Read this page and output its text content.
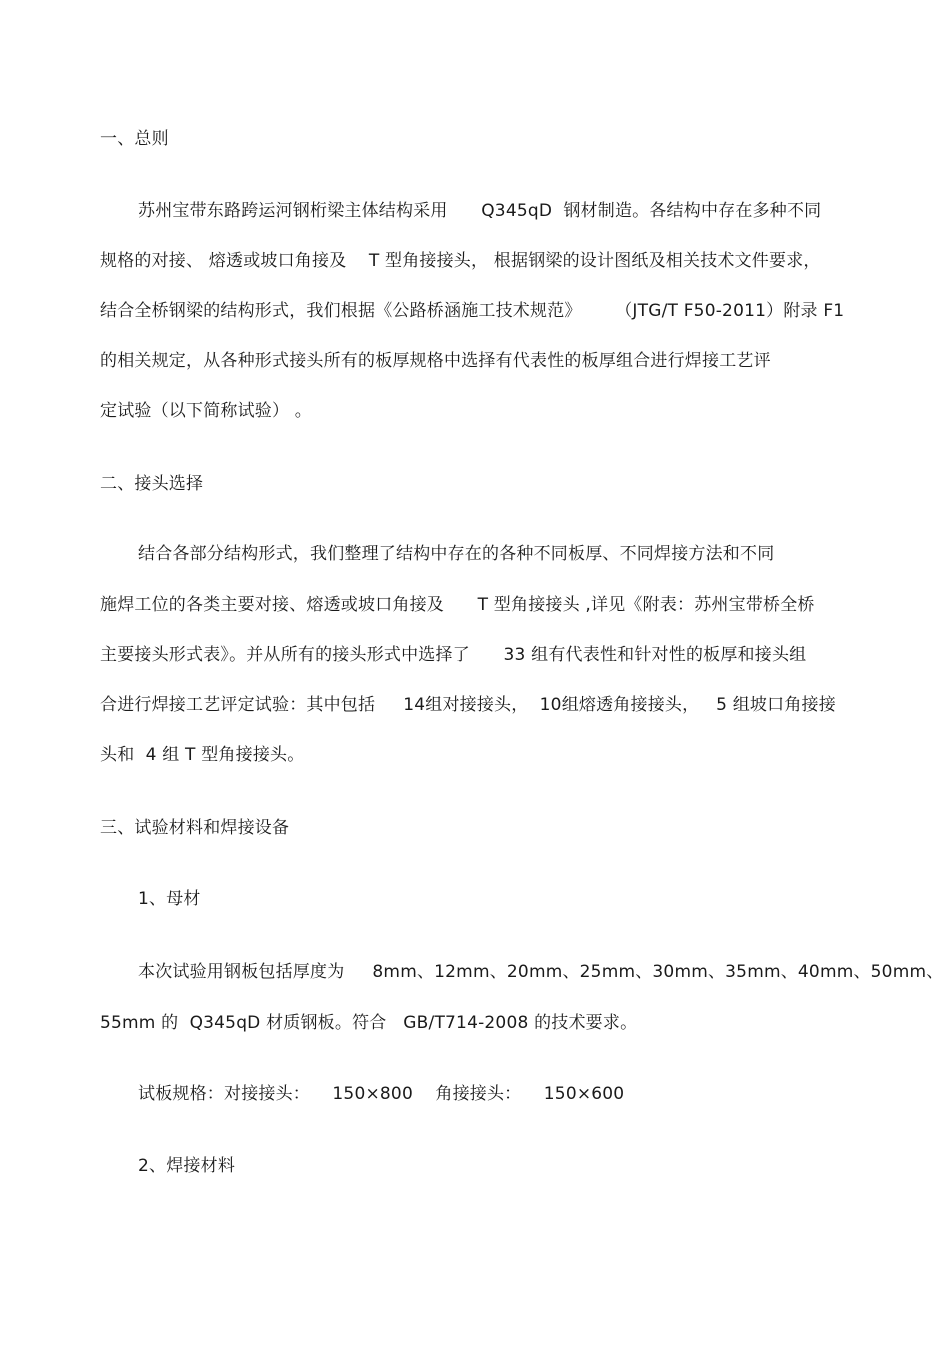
一、总则
苏州宝带东路跨运河钢桁梁主体结构采用      Q345qD  钢材制造。各结构中存在多种不同
规格的对接、 熔透或坡口角接及    T 型角接接头， 根据钢梁的设计图纸及相关技术文件要求，
结合全桥钢梁的结构形式，我们根据《公路桥涵施工技术规范》      （JTG/T F50-2011）附录 F1
的相关规定，从各种形式接头所有的板厚规格中选择有代表性的板厚组合进行焊接工艺评
定试验（以下简称试验） 。
二、接头选择
结合各部分结构形式，我们整理了结构中存在的各种不同板厚、不同焊接方法和不同
施焊工位的各类主要对接、熔透或坡口角接及      T 型角接接头 ,详见《附表：苏州宝带桥全桥
主要接头形式表》。并从所有的接头形式中选择了      33 组有代表性和针对性的板厚和接头组
合进行焊接工艺评定试验：其中包括     14组对接接头，  10组熔透角接接头，   5 组坡口角接接
头和  4 组 T 型角接接头。
三、试验材料和焊接设备
1、母材
本次试验用钢板包括厚度为     8mm、12mm、20mm、25mm、30mm、35mm、40mm、50mm、
55mm 的  Q345qD 材质钢板。符合   GB/T714-2008 的技术要求。
试板规格：对接接头：    150×800    角接接头：    150×600
2、焊接材料
